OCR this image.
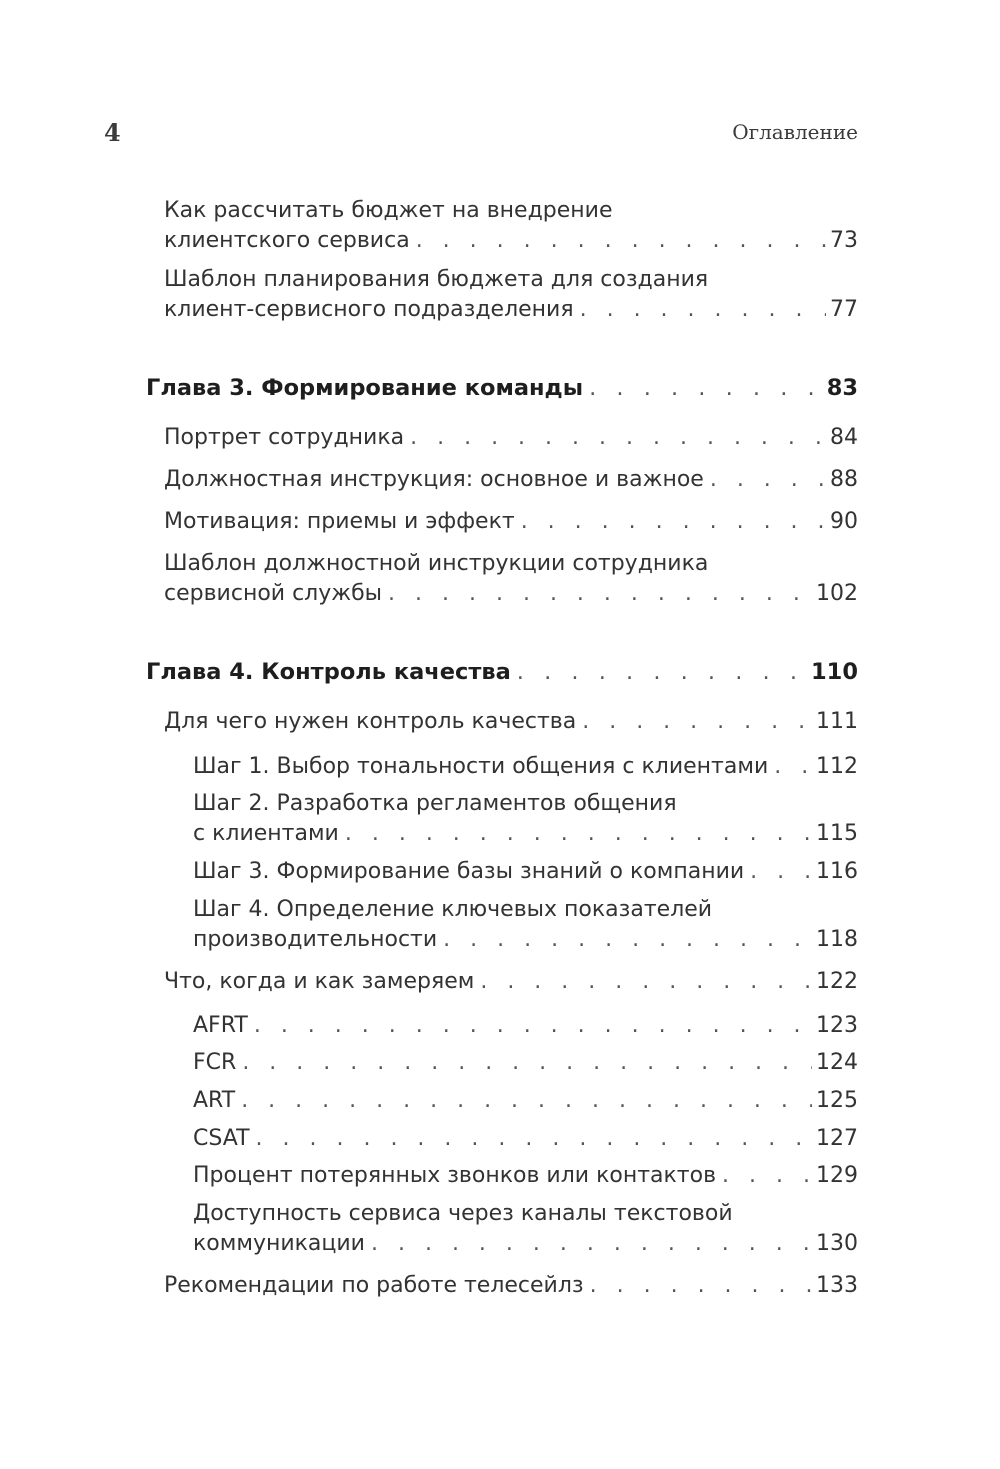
4	Оглавление
Как рассчитать бюджет на внедрение
клиентского сервиса . . .	73
Шаблон планирования бюджета для создания
клиент-сервисного подразделения . . .	77
Глава 3. Формирование команды . . .	83
Портрет сотрудника . . .	84
Должностная инструкция: основное и важное . . .	88
Мотивация: приемы и эффект . . .	90
Шаблон должностной инструкции сотрудника
сервисной службы . . .	102
Глава 4. Контроль качества . . .	110
Для чего нужен контроль качества . . .	111
Шаг 1. Выбор тональности общения с клиентами . . . 112
Шаг 2. Разработка регламентов общения
с клиентами . . .	115
Шаг 3. Формирование базы знаний о компании . . .	116
Шаг 4. Определение ключевых показателей
производительности . . .	118
Что, когда и как замеряем . . .	122
AFRT . . .	123
FCR . . .	124
ART . . .	125
CSAT . . .	127
Процент потерянных звонков или контактов . . .	129
Доступность сервиса через каналы текстовой
коммуникации . . .	130
Рекомендации по работе телесейлз . . .	133
